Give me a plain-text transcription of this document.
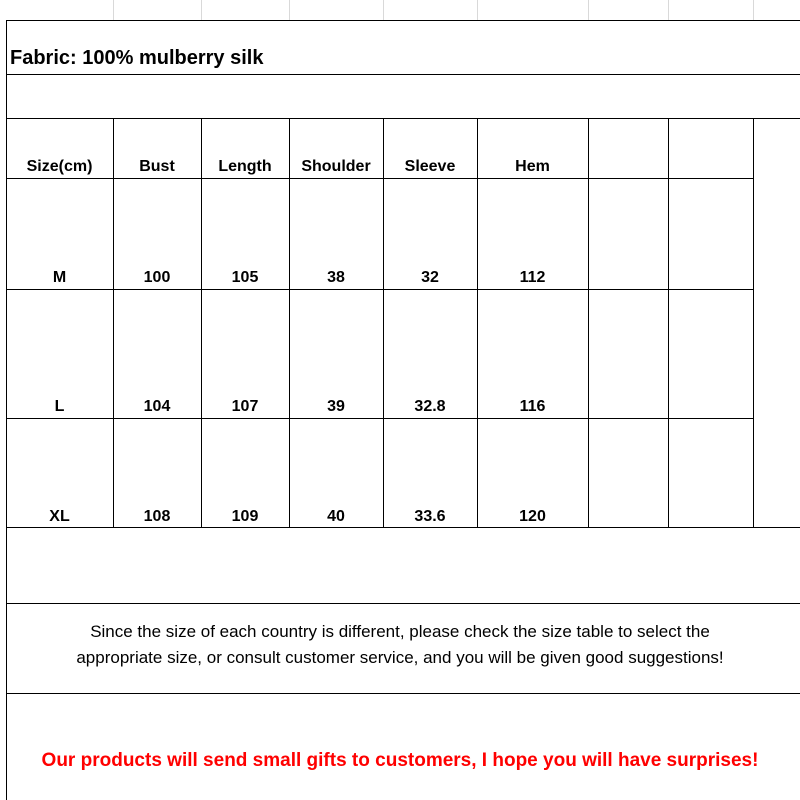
Fabric: 100% mulberry silk
Size(cm)	Bust	Length	Shoulder	Sleeve	Hem
M	100	105	38	32	112
L	104	107	39	32.8	116
XL	108	109	40	33.6	120
Since the size of each country is different, please check the size table to select the
appropriate size, or consult customer service, and you will be given good suggestions!
Our products will send small gifts to customers, I hope you will have surprises!
